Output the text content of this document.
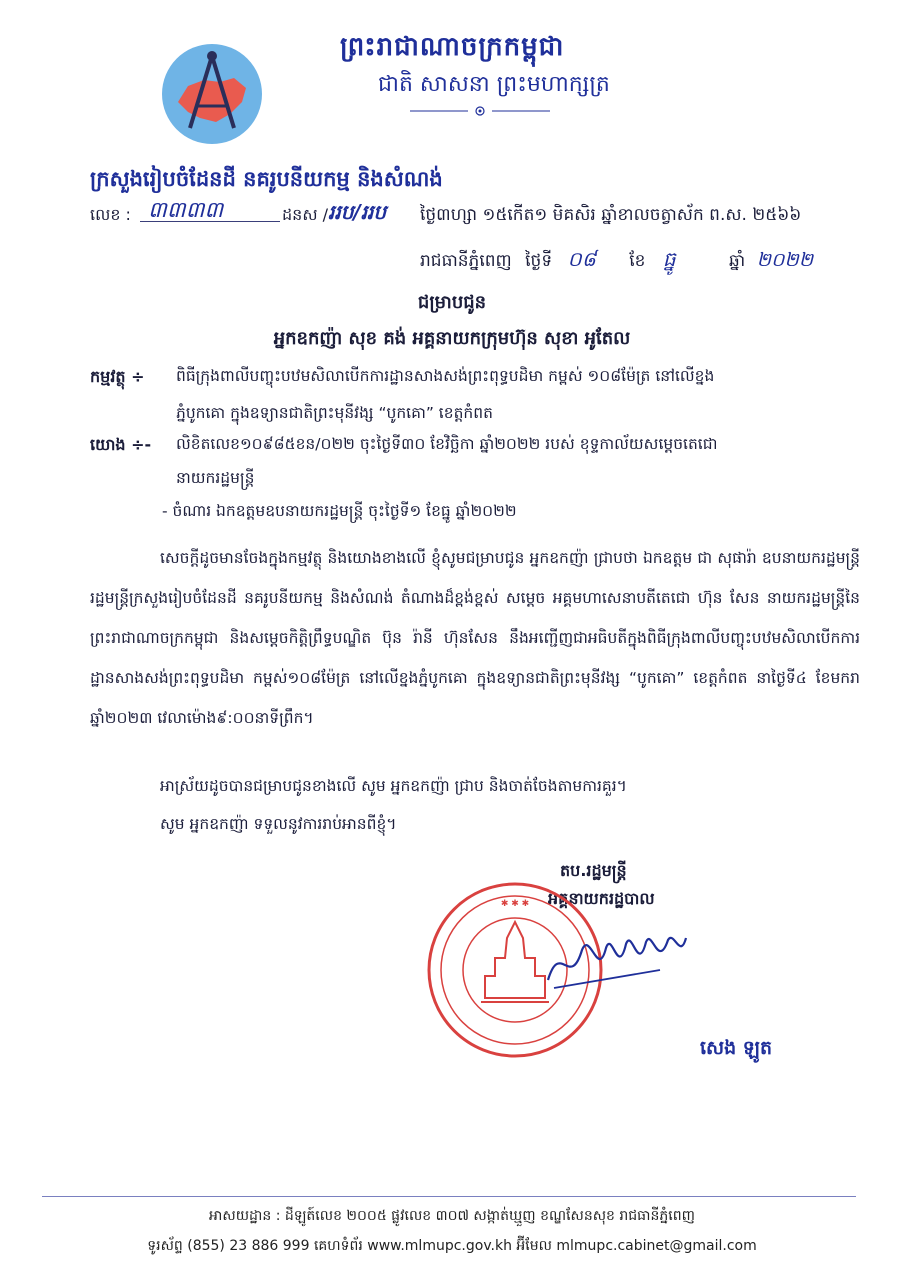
ព្រះរាជាណាចក្រកម្ពុជា
ជាតិ សាសនា ព្រះមហាក្សត្រ
ក្រសួងរៀបចំដែនដី នគរូបនីយកម្ម និងសំណង់
លេខ : ៣៣៣៣	ដនស / ររប/ររប ថ្ងៃ៣ហ្សា ១៥កើត១ មិគសិរ ឆ្នាំខាលចត្វាស័ក ព.ស. ២៥៦៦
រាជធានីភ្នំពេញ ថ្ងៃទី ០៨ ខែ ធ្នូ	ឆ្នាំ ២០២២
ជម្រាបជូន
អ្នកឧកញ៉ា សុខ គង់ អគ្គនាយកក្រុមហ៊ុន សុខា អូតែល
កម្មវត្ថុ ÷ ពិធីក្រុងពាលីបញ្ចុះបឋមសិលាបើកការដ្ឋានសាងសង់ព្រះពុទ្ធបដិមា កម្ពស់ ១០៨ម៉ែត្រ នៅលើខ្នង
ភ្នំបូកគោ ក្នុងឧទ្យានជាតិព្រះមុនីវង្ស “បូកគោ” ខេត្តកំពត
យោង ÷- លិខិតលេខ១០៩៨៥ខន/០២២ ចុះថ្ងៃទី៣០ ខែវិច្ឆិកា ឆ្នាំ២០២២ របស់ ខុទ្ទកាល័យសម្ដេចតេជោ
នាយករដ្ឋមន្ត្រី
- ចំណារ ឯកឧត្តមឧបនាយករដ្ឋមន្ត្រី ចុះថ្ងៃទី១ ខែធ្នូ ឆ្នាំ២០២២
សេចក្តីដូចមានចែងក្នុងកម្មវត្ថុ និងយោងខាងលើ ខ្ញុំសូមជម្រាបជូន អ្នកឧកញ៉ា ជ្រាបថា ឯកឧត្តម ជា សុផារ៉ា ឧបនាយករដ្ឋមន្ត្រី រដ្ឋមន្ត្រីក្រសួងរៀបចំដែនដី នគរូបនីយកម្ម និងសំណង់ តំណាងដ៏ខ្ពង់ខ្ពស់ សម្តេច អគ្គមហាសេនាបតីតេជោ ហ៊ុន សែន នាយករដ្ឋមន្ត្រីនៃព្រះរាជាណាចក្រកម្ពុជា និងសម្តេចកិត្តិព្រឹទ្ធបណ្ឌិត ប៊ុន រ៉ានី ហ៊ុនសែន នឹងអញ្ជើញជាអធិបតីក្នុងពិធីក្រុងពាលីបញ្ចុះបឋមសិលាបើកការដ្ឋានសាងសង់ព្រះពុទ្ធបដិមា កម្ពស់១០៨ម៉ែត្រ នៅលើខ្នងភ្នំបូកគោ ក្នុងឧទ្យានជាតិព្រះមុនីវង្ស “បូកគោ” ខេត្តកំពត នាថ្ងៃទី៤ ខែមករា ឆ្នាំ២០២៣ វេលាម៉ោង៩:០០នាទីព្រឹក។
អាស្រ័យដូចបានជម្រាបជូនខាងលើ សូម អ្នកឧកញ៉ា ជ្រាប និងចាត់ចែងតាមការគួរ។
សូម អ្នកឧកញ៉ា ទទួលនូវការរាប់អានពីខ្ញុំ។
តប.រដ្ឋមន្ត្រី
អគ្គនាយករដ្ឋបាល
✱ ✱ ✱
សេង ឡូត
អាសយដ្ឋាន : ដីឡូត៍លេខ ២០០៥ ផ្លូវលេខ ៣០៧ សង្កាត់ឃ្មួញ ខណ្ឌសែនសុខ រាជធានីភ្នំពេញ
ទូរស័ព្ទ (855) 23 886 999 គេហទំព័រ www.mlmupc.gov.kh អ៊ីមែល mlmupc.cabinet@gmail.com
